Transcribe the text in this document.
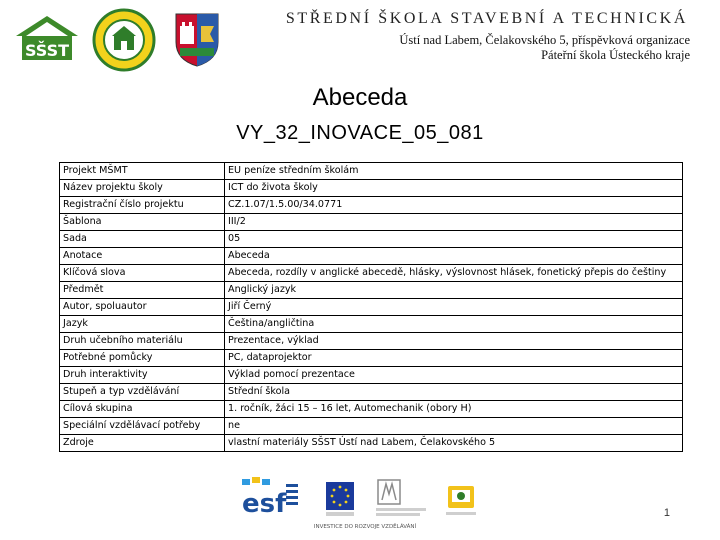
SŠST
STŘEDNÍ ŠKOLA STAVEBNÍ A TECHNICKÁ
Ústí nad Labem, Čelakovského 5, příspěvková organizace
Páteřní škola Ústeckého kraje
Abeceda
VY_32_INOVACE_05_081
Projekt MŠMT	EU peníze středním školám
Název projektu školy	ICT do života školy
Registrační číslo projektu	CZ.1.07/1.5.00/34.0771
Šablona	III/2
Sada	05
Anotace	Abeceda
Klíčová slova	Abeceda, rozdíly v anglické abecedě, hlásky, výslovnost hlásek, fonetický přepis do češtiny
Předmět	Anglický jazyk
Autor, spoluautor	Jiří Černý
Jazyk	Čeština/angličtina
Druh učebního materiálu	Prezentace, výklad
Potřebné pomůcky	PC, dataprojektor
Druh interaktivity	Výklad pomocí prezentace
Stupeň a typ vzdělávání	Střední škola
Cílová skupina	1. ročník, žáci 15 – 16 let, Automechanik (obory H)
Speciální vzdělávací potřeby	ne
Zdroje	vlastní materiály SŠST Ústí nad Labem, Čelakovského 5
esf
INVESTICE DO ROZVOJE VZDĚLÁVÁNÍ
1
